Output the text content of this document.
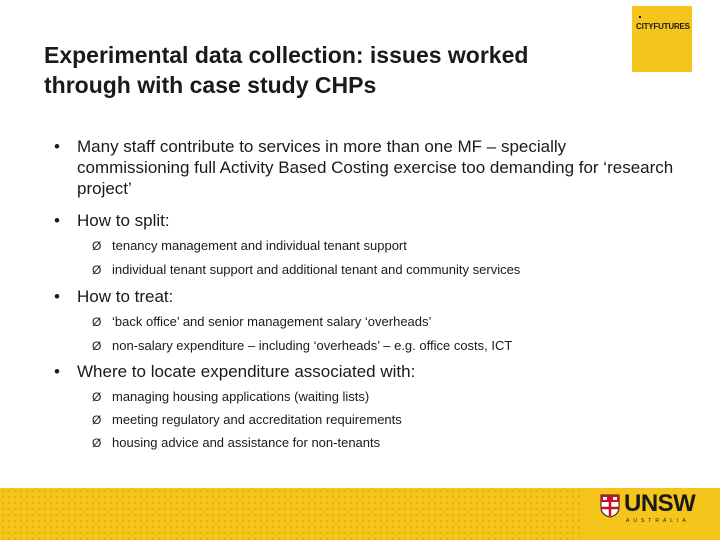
CITYFUTURES
Experimental data collection: issues worked through with case study CHPs
• Many staff contribute to services in more than one MF – specially commissioning full Activity Based Costing exercise too demanding for ‘research project’
• How to split:
Ø tenancy management and individual tenant support
Ø individual tenant support and additional tenant and community services
• How to treat:
Ø ‘back office’ and senior management salary ‘overheads’
Ø non-salary expenditure – including ‘overheads’ – e.g. office costs, ICT
• Where to locate expenditure associated with:
Ø managing housing applications (waiting lists)
Ø meeting regulatory and accreditation requirements
Ø housing advice and assistance for non-tenants
UNSW
AUSTRALIA
